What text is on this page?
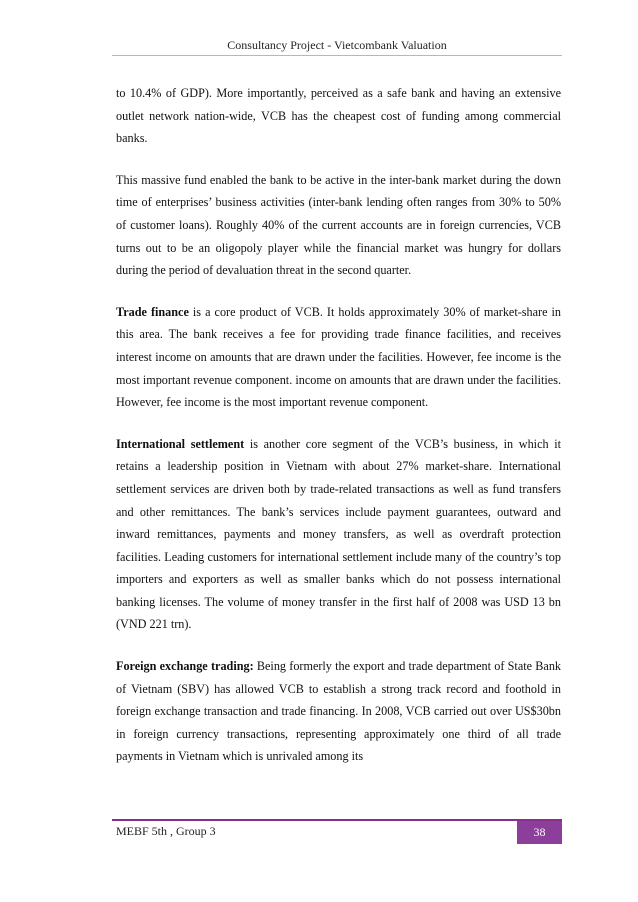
Consultancy Project - Vietcombank Valuation

to 10.4% of GDP). More importantly, perceived as a safe bank and having an extensive outlet network nation-wide, VCB has the cheapest cost of funding among commercial banks.

This massive fund enabled the bank to be active in the inter-bank market during the down time of enterprises’ business activities (inter-bank lending often ranges from 30% to 50% of customer loans). Roughly 40% of the current accounts are in foreign currencies, VCB turns out to be an oligopoly player while the financial market was hungry for dollars during the period of devaluation threat in the second quarter.

Trade finance is a core product of VCB. It holds approximately 30% of market-share in this area. The bank receives a fee for providing trade finance facilities, and receives interest income on amounts that are drawn under the facilities. However, fee income is the most important revenue component. income on amounts that are drawn under the facilities. However, fee income is the most important revenue component.

International settlement is another core segment of the VCB’s business, in which it retains a leadership position in Vietnam with about 27% market-share. International settlement services are driven both by trade-related transactions as well as fund transfers and other remittances. The bank’s services include payment guarantees, outward and inward remittances, payments and money transfers, as well as overdraft protection facilities. Leading customers for international settlement include many of the country’s top importers and exporters as well as smaller banks which do not possess international banking licenses. The volume of money transfer in the first half of 2008 was USD 13 bn (VND 221 trn).

Foreign exchange trading: Being formerly the export and trade department of State Bank of Vietnam (SBV) has allowed VCB to establish a strong track record and foothold in foreign exchange transaction and trade financing. In 2008, VCB carried out over US$30bn in foreign currency transactions, representing approximately one third of all trade payments in Vietnam which is unrivaled among its

MEBF 5th , Group 3	38
